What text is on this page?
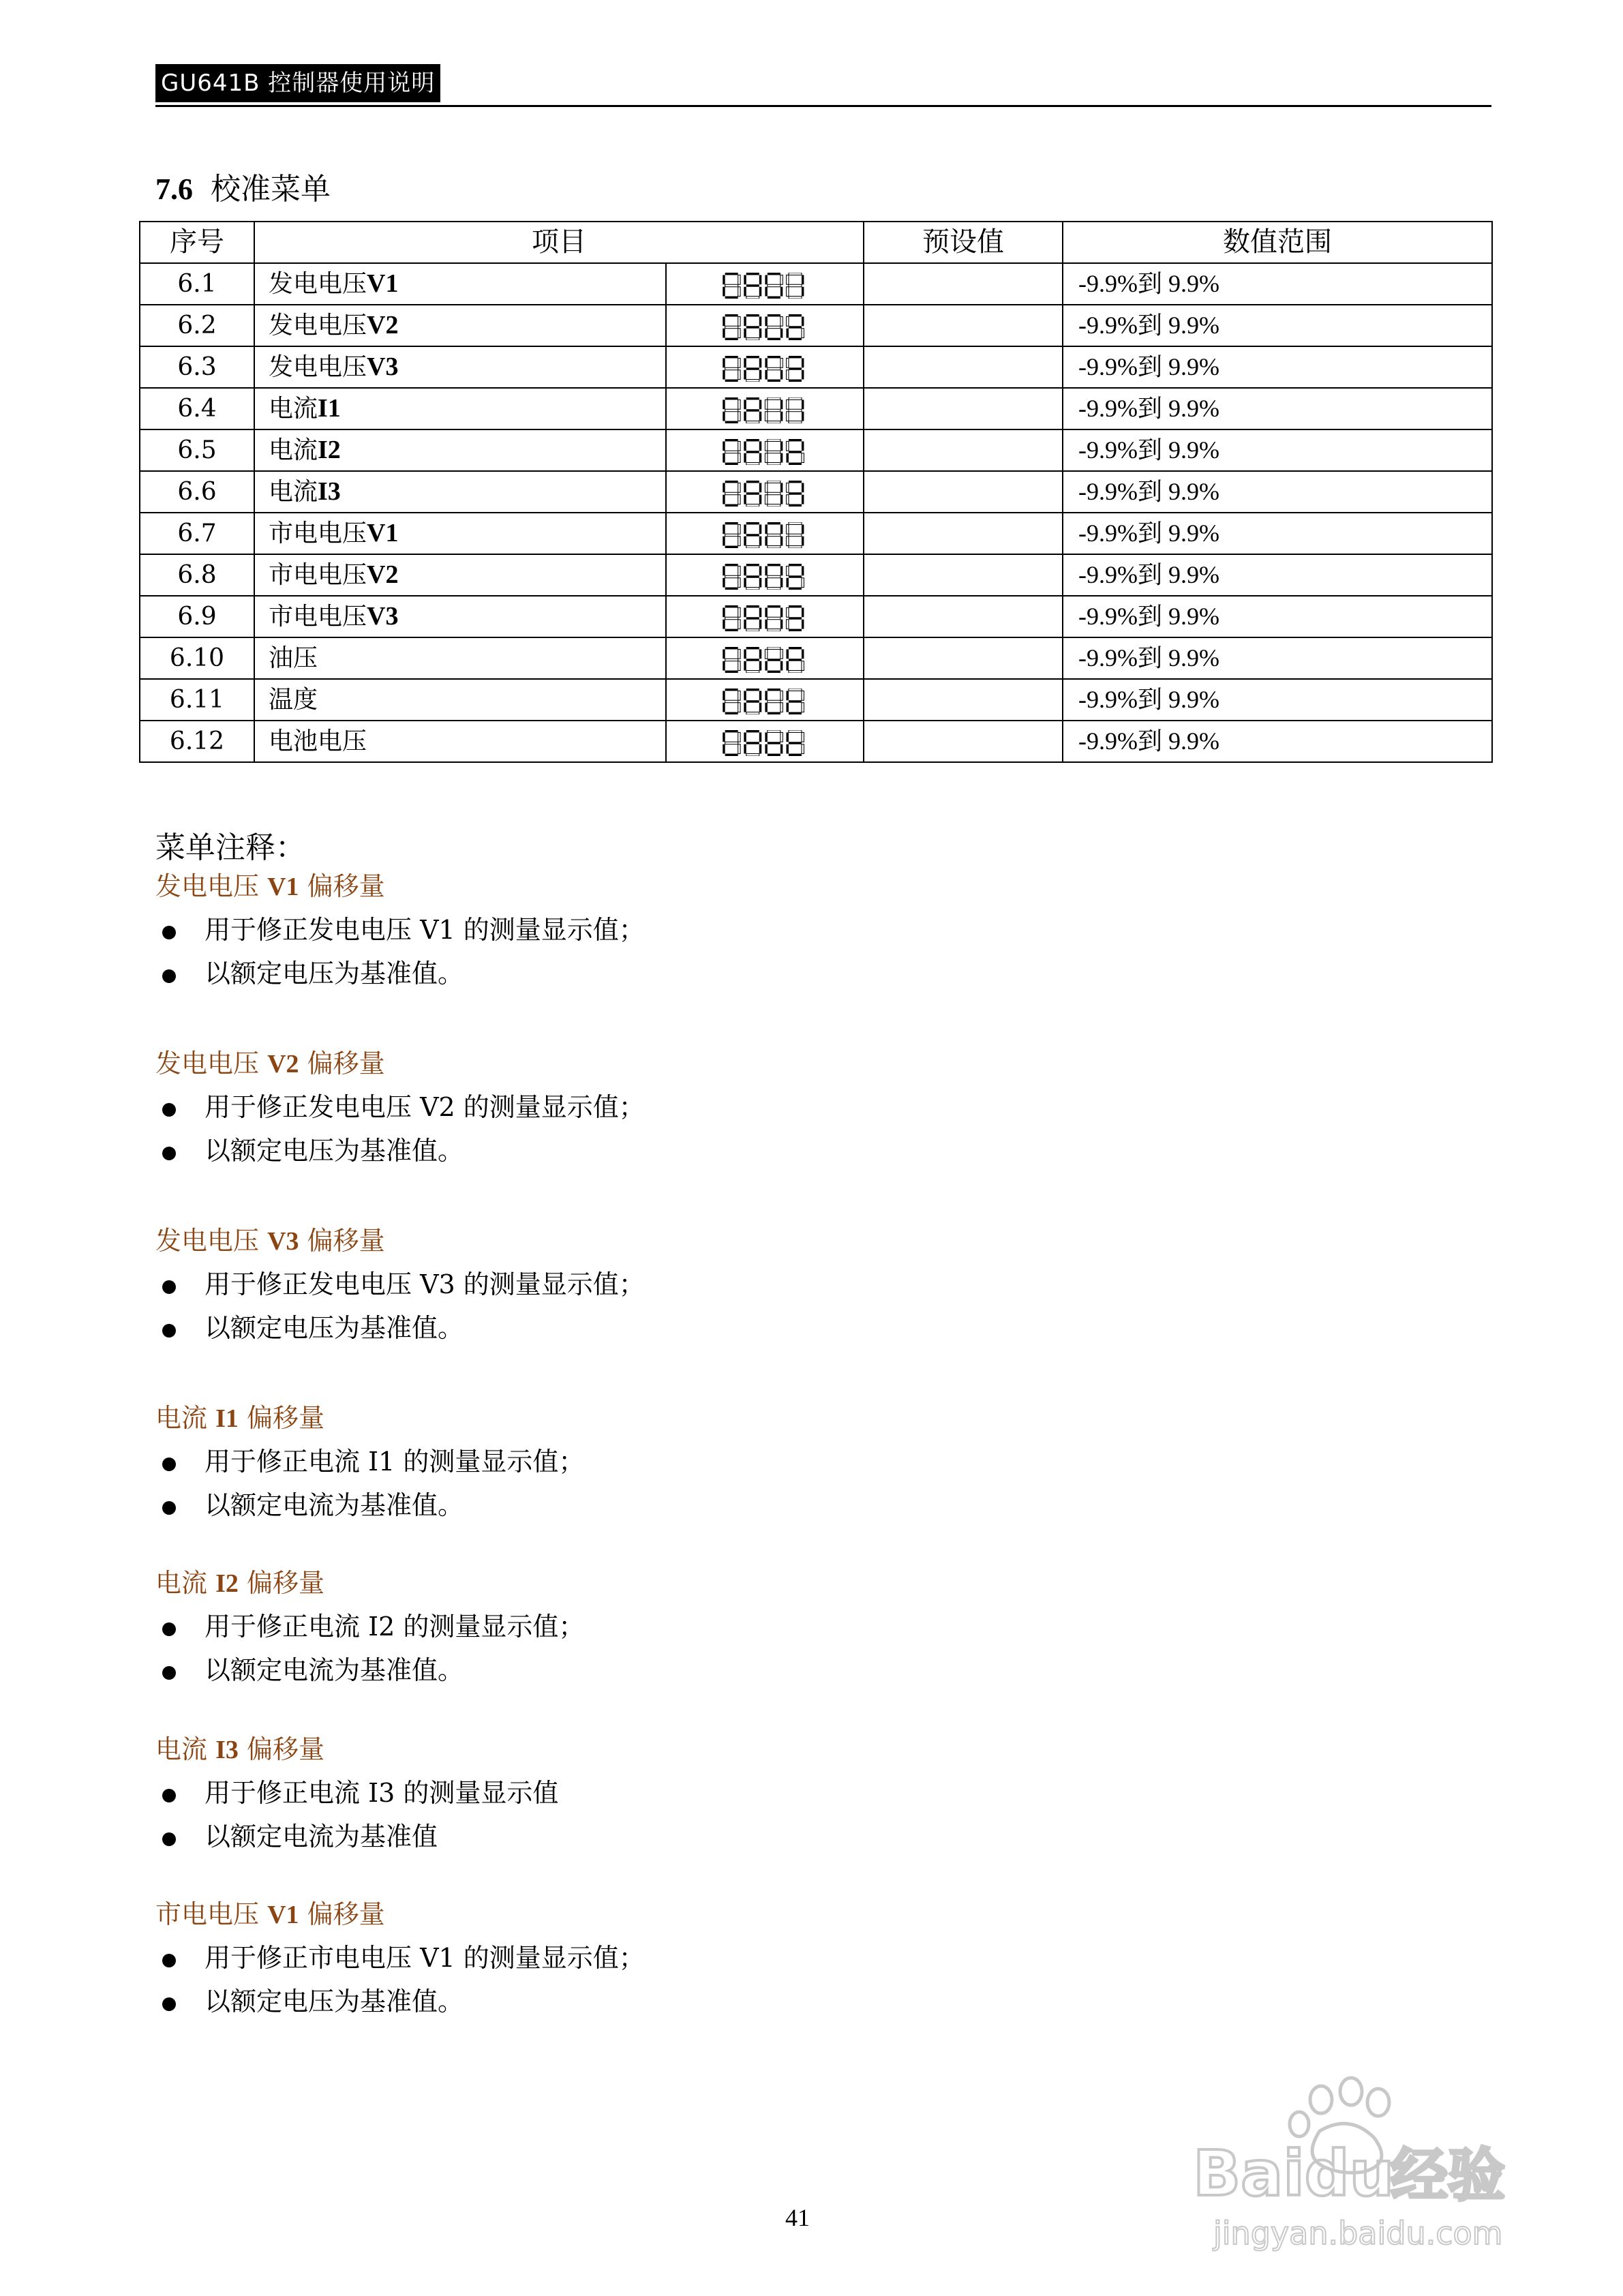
GU641B 控制器使用说明
7.6 校准菜单
序号	项目		预设值	数值范围
6.1	发电电压V1			-9.9%到 9.9%
6.2	发电电压V2			-9.9%到 9.9%
6.3	发电电压V3			-9.9%到 9.9%
6.4	电流I1			-9.9%到 9.9%
6.5	电流I2			-9.9%到 9.9%
6.6	电流I3			-9.9%到 9.9%
6.7	市电电压V1			-9.9%到 9.9%
6.8	市电电压V2			-9.9%到 9.9%
6.9	市电电压V3			-9.9%到 9.9%
6.10	油压			-9.9%到 9.9%
6.11	温度			-9.9%到 9.9%
6.12	电池电压			-9.9%到 9.9%
菜单注释：
发电电压 V1 偏移量
用于修正发电电压 V1 的测量显示值；
以额定电压为基准值。
发电电压 V2 偏移量
用于修正发电电压 V2 的测量显示值；
以额定电压为基准值。
发电电压 V3 偏移量
用于修正发电电压 V3 的测量显示值；
以额定电压为基准值。
电流 I1 偏移量
用于修正电流 I1 的测量显示值；
以额定电流为基准值。
电流 I2 偏移量
用于修正电流 I2 的测量显示值；
以额定电流为基准值。
电流 I3 偏移量
用于修正电流 I3 的测量显示值
以额定电流为基准值
市电电压 V1 偏移量
用于修正市电电压 V1 的测量显示值；
以额定电压为基准值。
41
Baidu
经验
jingyan.baidu.com
